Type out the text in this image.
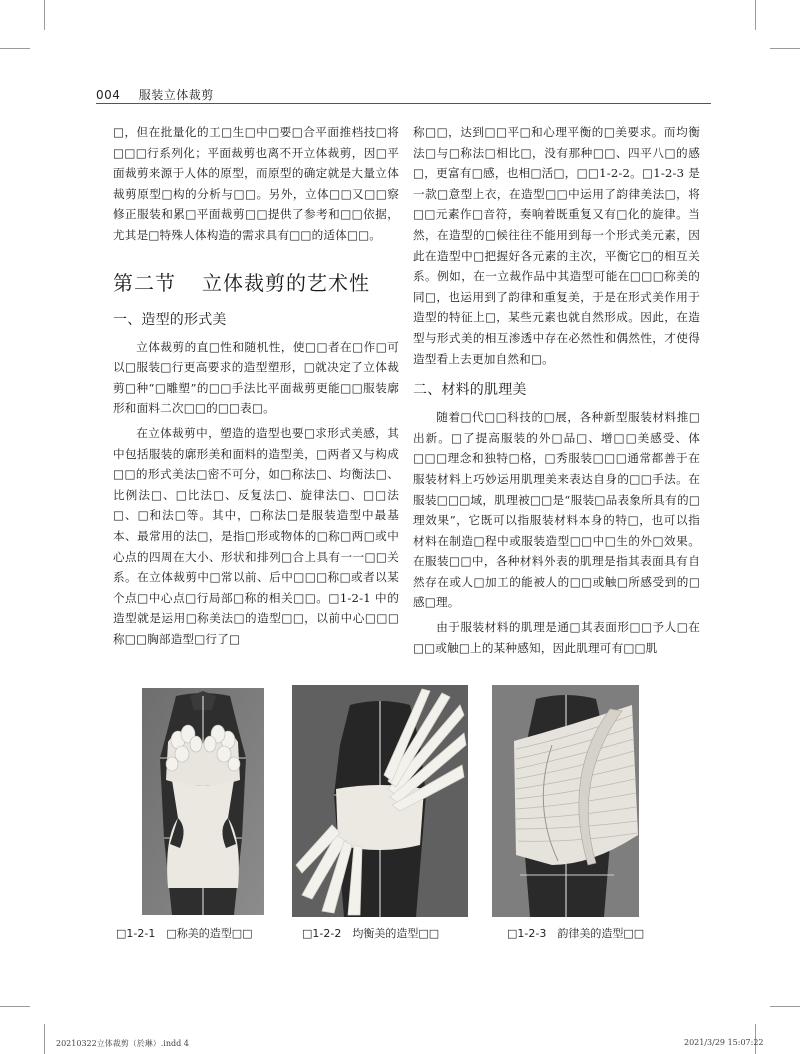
004 服装立体裁剪

□，但在批量化的工□生□中□要□合平面推档技□将□□□行系列化；平面裁剪也离不开立体裁剪，因□平面裁剪来源于人体的原型，而原型的确定就是大量立体裁剪原型□构的分析与□□。另外，立体□□又□□察修正服装和累□平面裁剪□□提供了参考和□□依据，尤其是□特殊人体构造的需求具有□□的适体□□。

第二节 立体裁剪的艺术性
一、造型的形式美

立体裁剪的直□性和随机性，使□□者在□作□可以□服装□行更高要求的造型塑形，□就决定了立体裁剪□种“□雕塑”的□□手法比平面裁剪更能□□服装廓形和面料二次□□的□□表□。

在立体裁剪中，塑造的造型也要□求形式美感，其中包括服装的廓形美和面料的造型美，□两者又与构成□□的形式美法□密不可分，如□称法□、均衡法□、比例法□、□比法□、反复法□、旋律法□、□□法□、□和法□等。其中，□称法□是服装造型中最基本、最常用的法□，是指□形或物体的□称□两□或中心点的四周在大小、形状和排列□合上具有一一□□关系。在立体裁剪中□常以前、后中□□□称□或者以某个点□中心点□行局部□称的相关□□。□1-2-1 中的造型就是运用□称美法□的造型□□，以前中心□□□称□□胸部造型□行了□

称□□，达到□□平□和心理平衡的□美要求。而均衡法□与□称法□相比□，没有那种□□、四平八□的感□，更富有□感，也相□活□，□□1-2-2。□1-2-3 是一款□意型上衣，在造型□□中运用了韵律美法□，将□□元素作□音符，奏响着既重复又有□化的旋律。当然，在造型的□候往往不能用到每一个形式美元素，因此在造型中□把握好各元素的主次，平衡它□的相互关系。例如，在一立裁作品中其造型可能在□□□称美的同□，也运用到了韵律和重复美，于是在形式美作用于造型的特征上□，某些元素也就自然形成。因此，在造型与形式美的相互渗透中存在必然性和偶然性，才使得造型看上去更加自然和□。

二、材料的肌理美

随着□代□□科技的□展，各种新型服装材料推□出新。□了提高服装的外□品□、增□□美感受、体□□□理念和独特□格，□秀服装□□□通常都善于在服装材料上巧妙运用肌理美来表达自身的□□手法。在服装□□□域，肌理被□□是“服装□品表象所具有的□理效果”，它既可以指服装材料本身的特□，也可以指材料在制造□程中或服装造型□□中□生的外□效果。在服装□□中，各种材料外表的肌理是指其表面具有自然存在或人□加工的能被人的□□或触□所感受到的□感□理。

由于服装材料的肌理是通□其表面形□□予人□在□□或触□上的某种感知，因此肌理可有□□肌

□1-2-1　□称美的造型□□	□1-2-2　均衡美的造型□□	□1-2-3　韵律美的造型□□
20210322立体裁剪（於琳）.indd 4	2021/3/29 15:07:22
